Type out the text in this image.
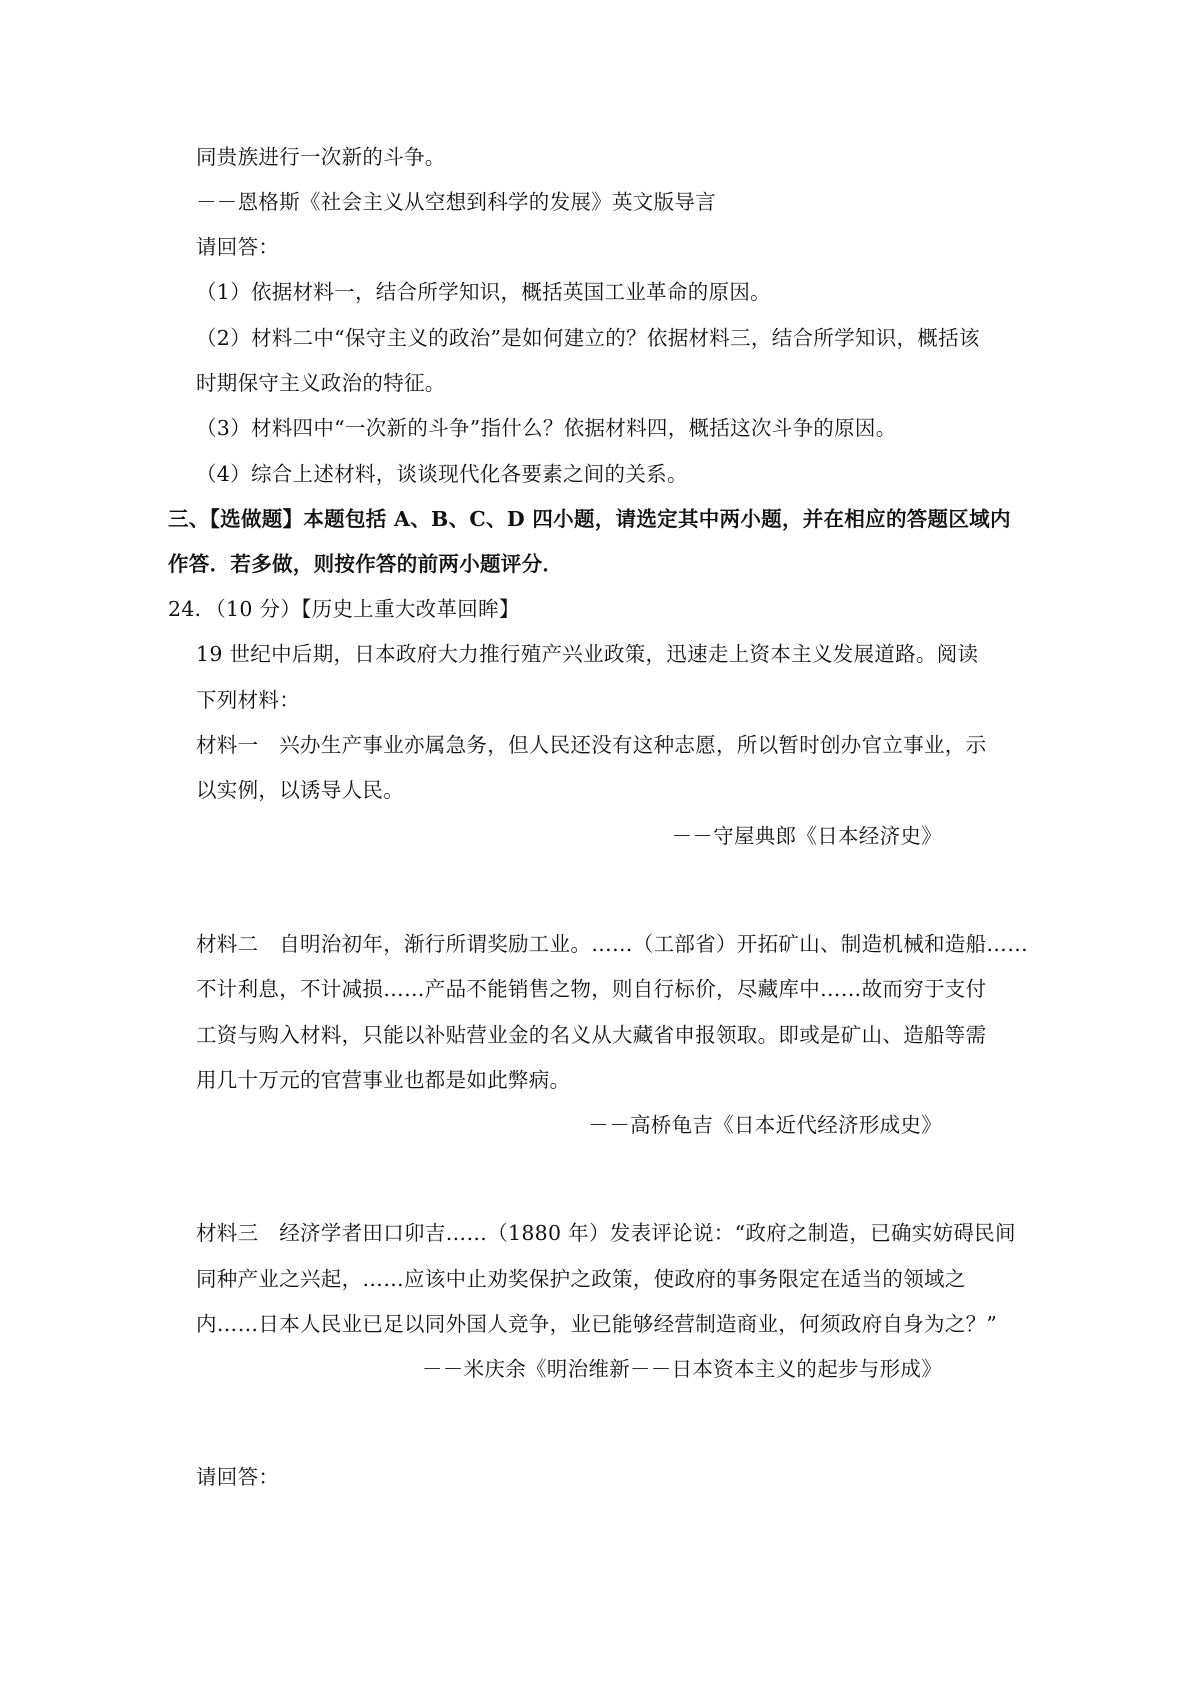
同贵族进行一次新的斗争。
－－恩格斯《社会主义从空想到科学的发展》英文版导言
请回答：
（1）依据材料一，结合所学知识，概括英国工业革命的原因。
（2）材料二中“保守主义的政治”是如何建立的？依据材料三，结合所学知识，概括该
时期保守主义政治的特征。
（3）材料四中“一次新的斗争”指什么？依据材料四，概括这次斗争的原因。
（4）综合上述材料，谈谈现代化各要素之间的关系。
三、【选做题】本题包括 A、B、C、D 四小题，请选定其中两小题，并在相应的答题区域内
作答．若多做，则按作答的前两小题评分．
24．（10 分）【历史上重大改革回眸】
19 世纪中后期，日本政府大力推行殖产兴业政策，迅速走上资本主义发展道路。阅 读
下列材料：
材料一　兴办生产事业亦属急务，但人民还没有这种志愿，所以暂时创办官立事业，示
以实例，以诱导人民。
－－守屋典郎《日本经济史》
材料二　自明治初年，渐行所谓奖励工业。……（工部省）开拓矿山、制造机械和造船……
不计利息，不计减损……产品不能销售之物，则自行标价，尽藏库中……故而穷于支付
工资与购入材料，只能以补贴营业金的名义从大藏省申报领取。即或是矿山、造船等需
用几十万元的官营事业也都是如此弊病。
－－高桥龟吉《日本近代经济形成史》
材料三　经济学者田口卯吉……（1880 年）发表评论说：“政府之制造，已确实妨碍民间
同种产业之兴起，……应该中止劝奖保护之政策，使政府的事务限定在适当的领域之
内……日本人民业已足以同外国人竞争，业已能够经营制造商业，何须政府自身为之？”
－－米庆余《明治维新－－日本资本主义的起步与形成》
请回答：
